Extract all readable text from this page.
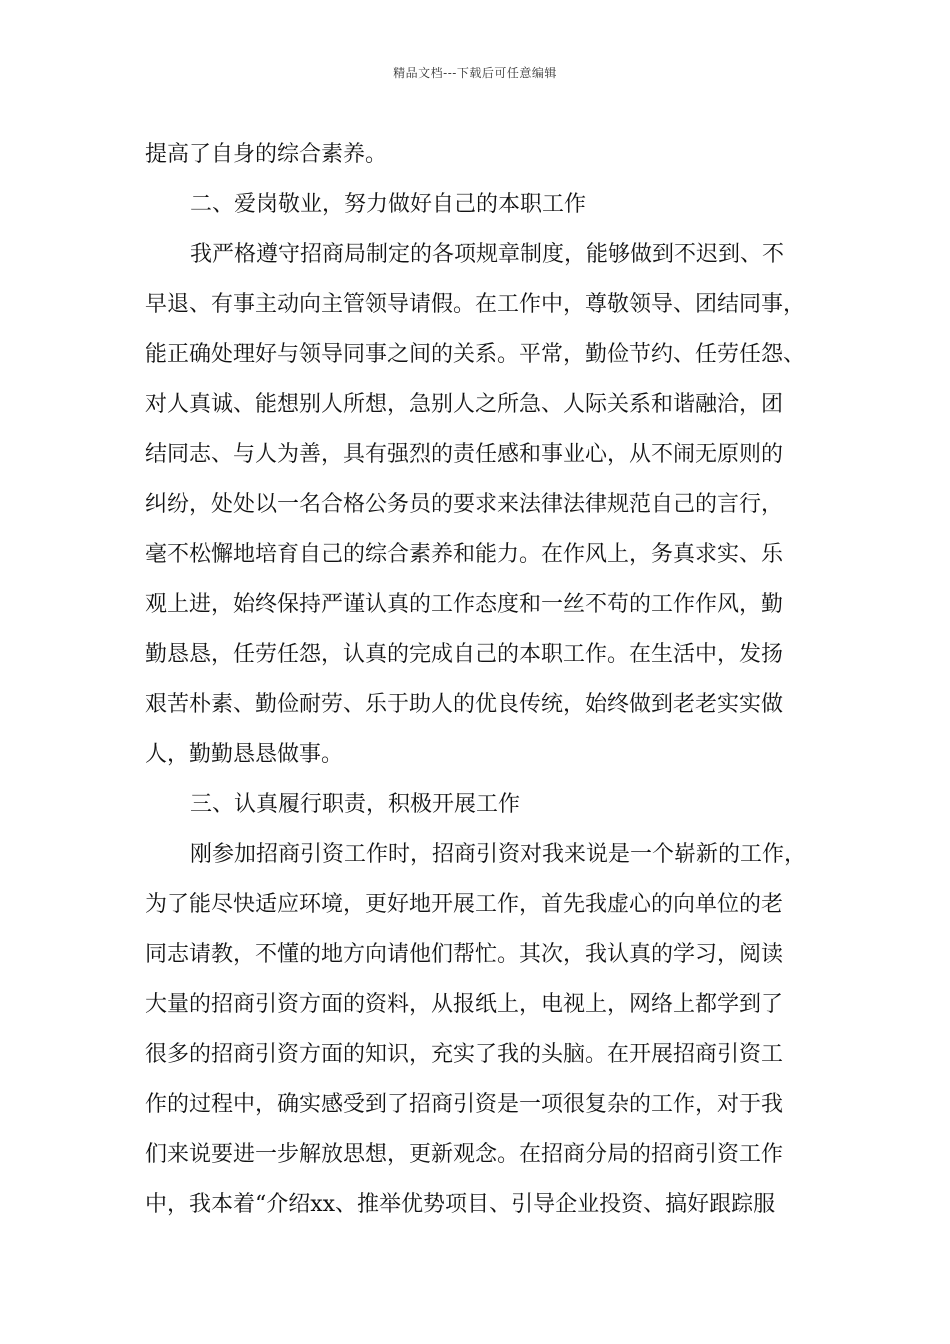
精品文档---下载后可任意编辑
提高了自身的综合素养。
二、爱岗敬业，努力做好自己的本职工作
我严格遵守招商局制定的各项规章制度，能够做到不迟到、不
早退、有事主动向主管领导请假。在工作中，尊敬领导、团结同事，
能正确处理好与领导同事之间的关系。平常，勤俭节约、任劳任怨、
对人真诚、能想别人所想，急别人之所急、人际关系和谐融洽，团
结同志、与人为善，具有强烈的责任感和事业心，从不闹无原则的
纠纷，处处以一名合格公务员的要求来法律法律规范自己的言行，
毫不松懈地培育自己的综合素养和能力。在作风上，务真求实、乐
观上进，始终保持严谨认真的工作态度和一丝不苟的工作作风，勤
勤恳恳，任劳任怨，认真的完成自己的本职工作。在生活中，发扬
艰苦朴素、勤俭耐劳、乐于助人的优良传统，始终做到老老实实做
人，勤勤恳恳做事。
三、认真履行职责，积极开展工作
刚参加招商引资工作时，招商引资对我来说是一个崭新的工作，
为了能尽快适应环境，更好地开展工作，首先我虚心的向单位的老
同志请教，不懂的地方向请他们帮忙。其次，我认真的学习，阅读
大量的招商引资方面的资料，从报纸上，电视上，网络上都学到了
很多的招商引资方面的知识，充实了我的头脑。在开展招商引资工
作的过程中，确实感受到了招商引资是一项很复杂的工作，对于我
们来说要进一步解放思想，更新观念。在招商分局的招商引资工作
中，我本着“介绍xx、推举优势项目、引导企业投资、搞好跟踪服
